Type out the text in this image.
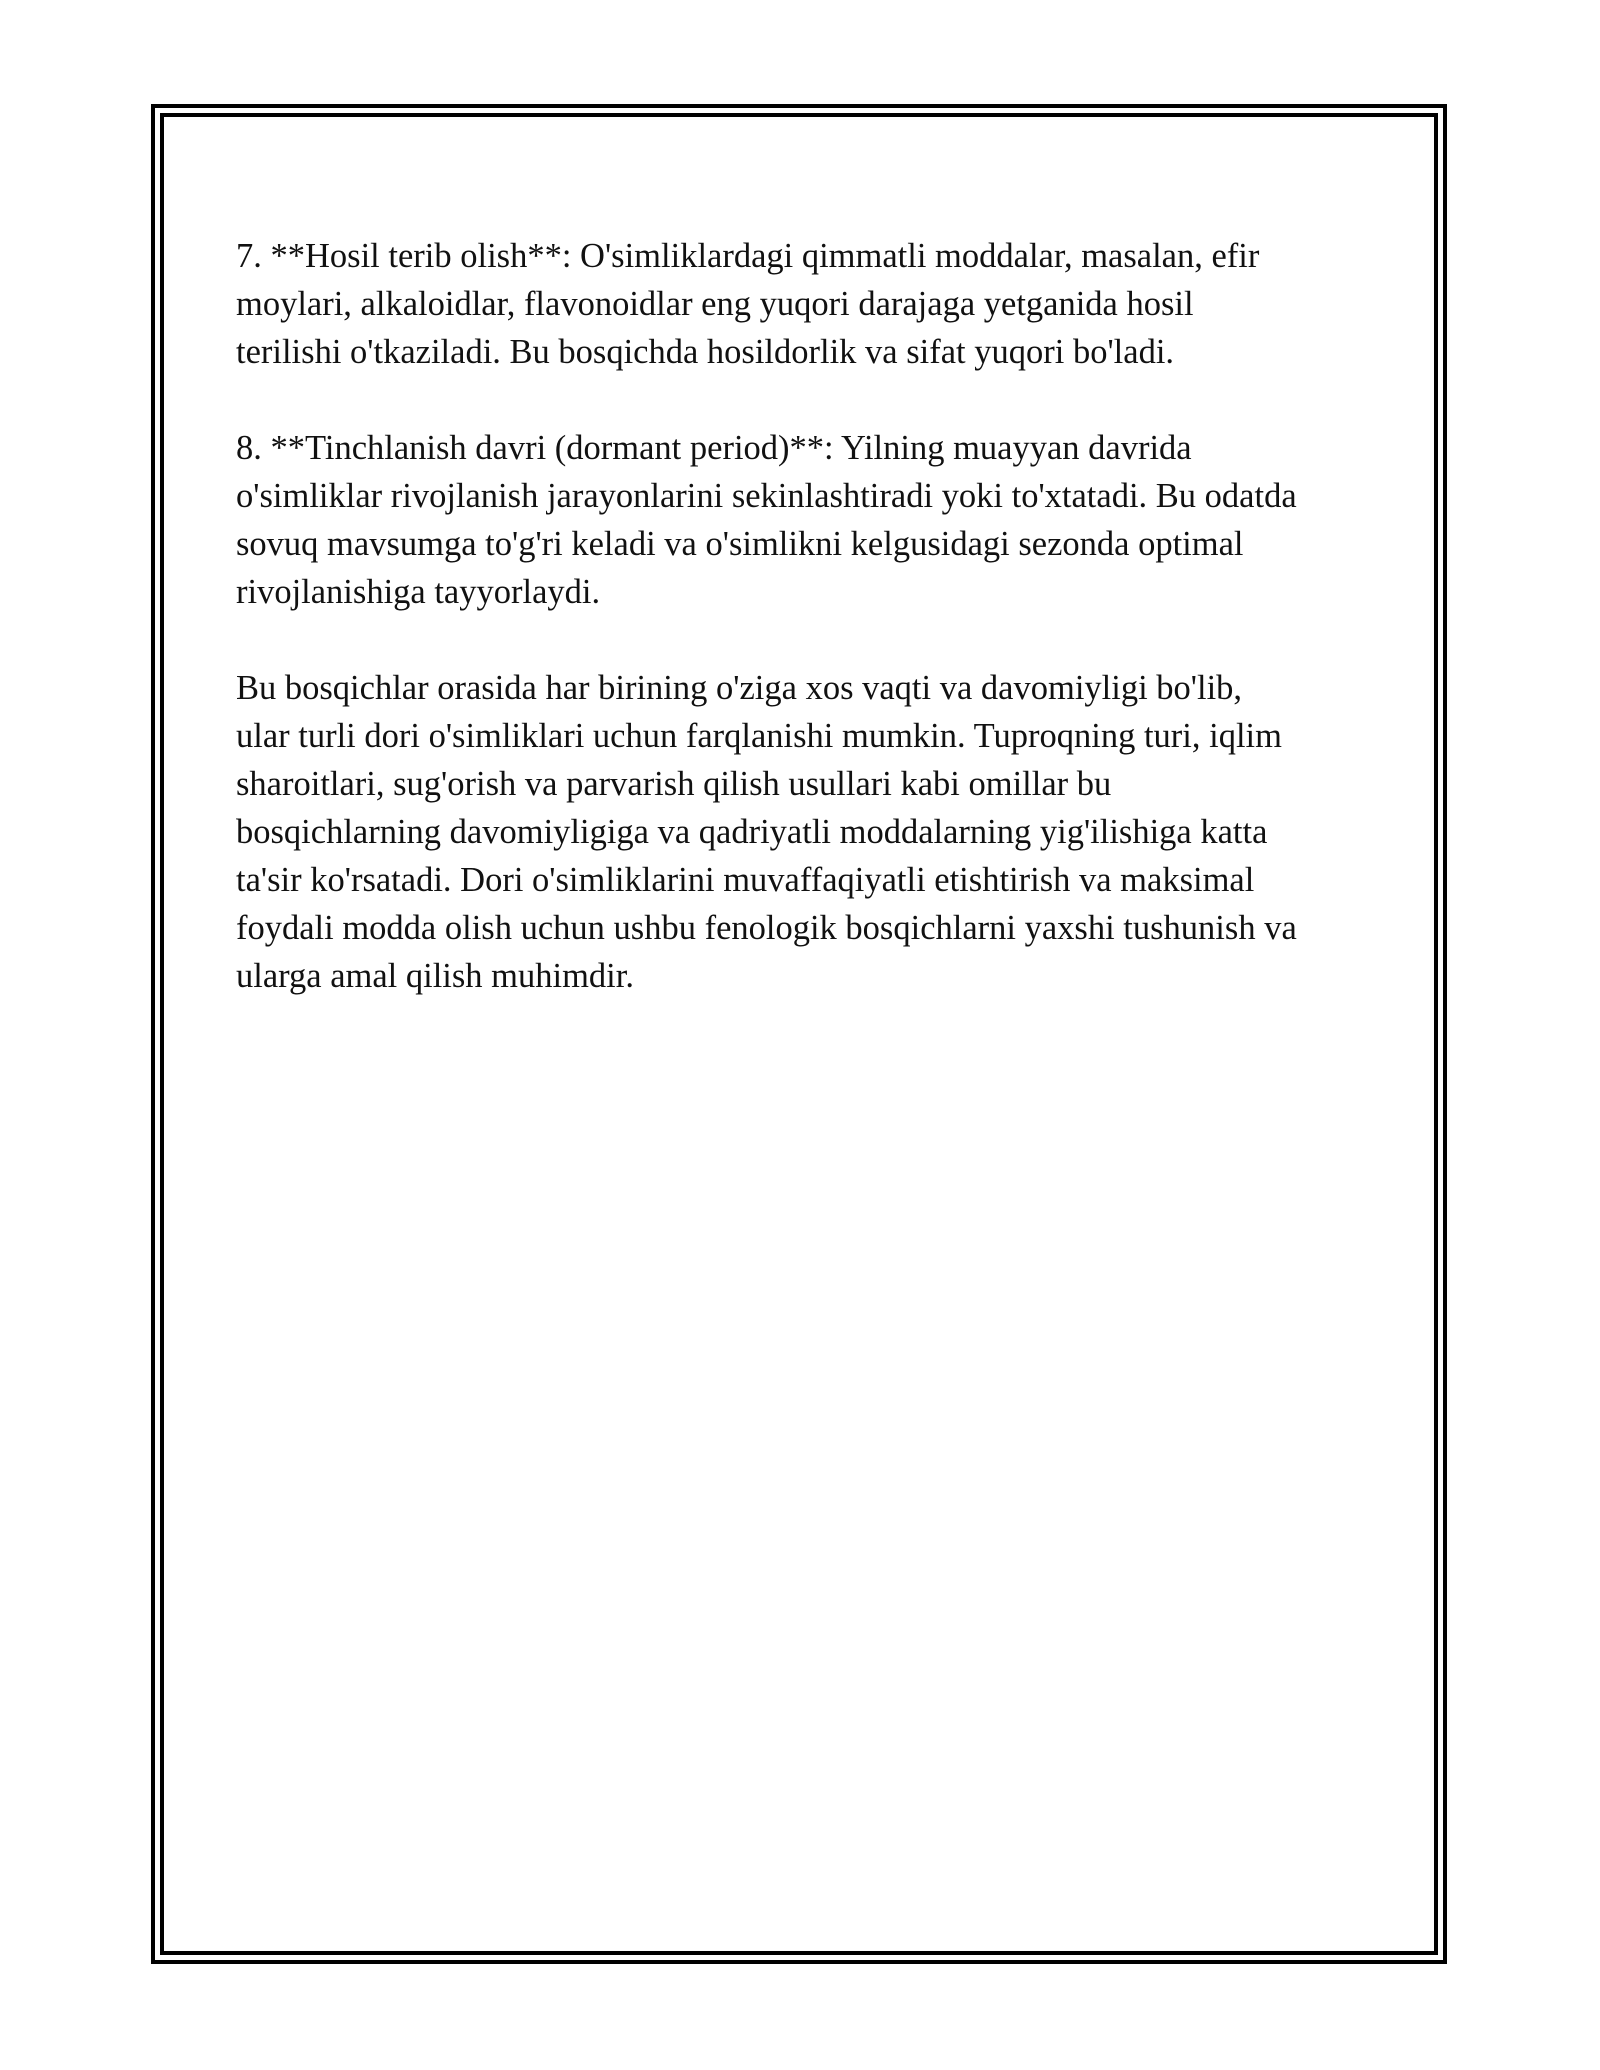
7. **Hosil terib olish**: O'simliklardagi qimmatli moddalar, masalan, efir
moylari, alkaloidlar, flavonoidlar eng yuqori darajaga yetganida hosil
terilishi o'tkaziladi. Bu bosqichda hosildorlik va sifat yuqori bo'ladi.

8. **Tinchlanish davri (dormant period)**: Yilning muayyan davrida
o'simliklar rivojlanish jarayonlarini sekinlashtiradi yoki to'xtatadi. Bu odatda
sovuq mavsumga to'g'ri keladi va o'simlikni kelgusidagi sezonda optimal
rivojlanishiga tayyorlaydi.

Bu bosqichlar orasida har birining o'ziga xos vaqti va davomiyligi bo'lib,
ular turli dori o'simliklari uchun farqlanishi mumkin. Tuproqning turi, iqlim
sharoitlari, sug'orish va parvarish qilish usullari kabi omillar bu
bosqichlarning davomiyligiga va qadriyatli moddalarning yig'ilishiga katta
ta'sir ko'rsatadi. Dori o'simliklarini muvaffaqiyatli etishtirish va maksimal
foydali modda olish uchun ushbu fenologik bosqichlarni yaxshi tushunish va
ularga amal qilish muhimdir.
